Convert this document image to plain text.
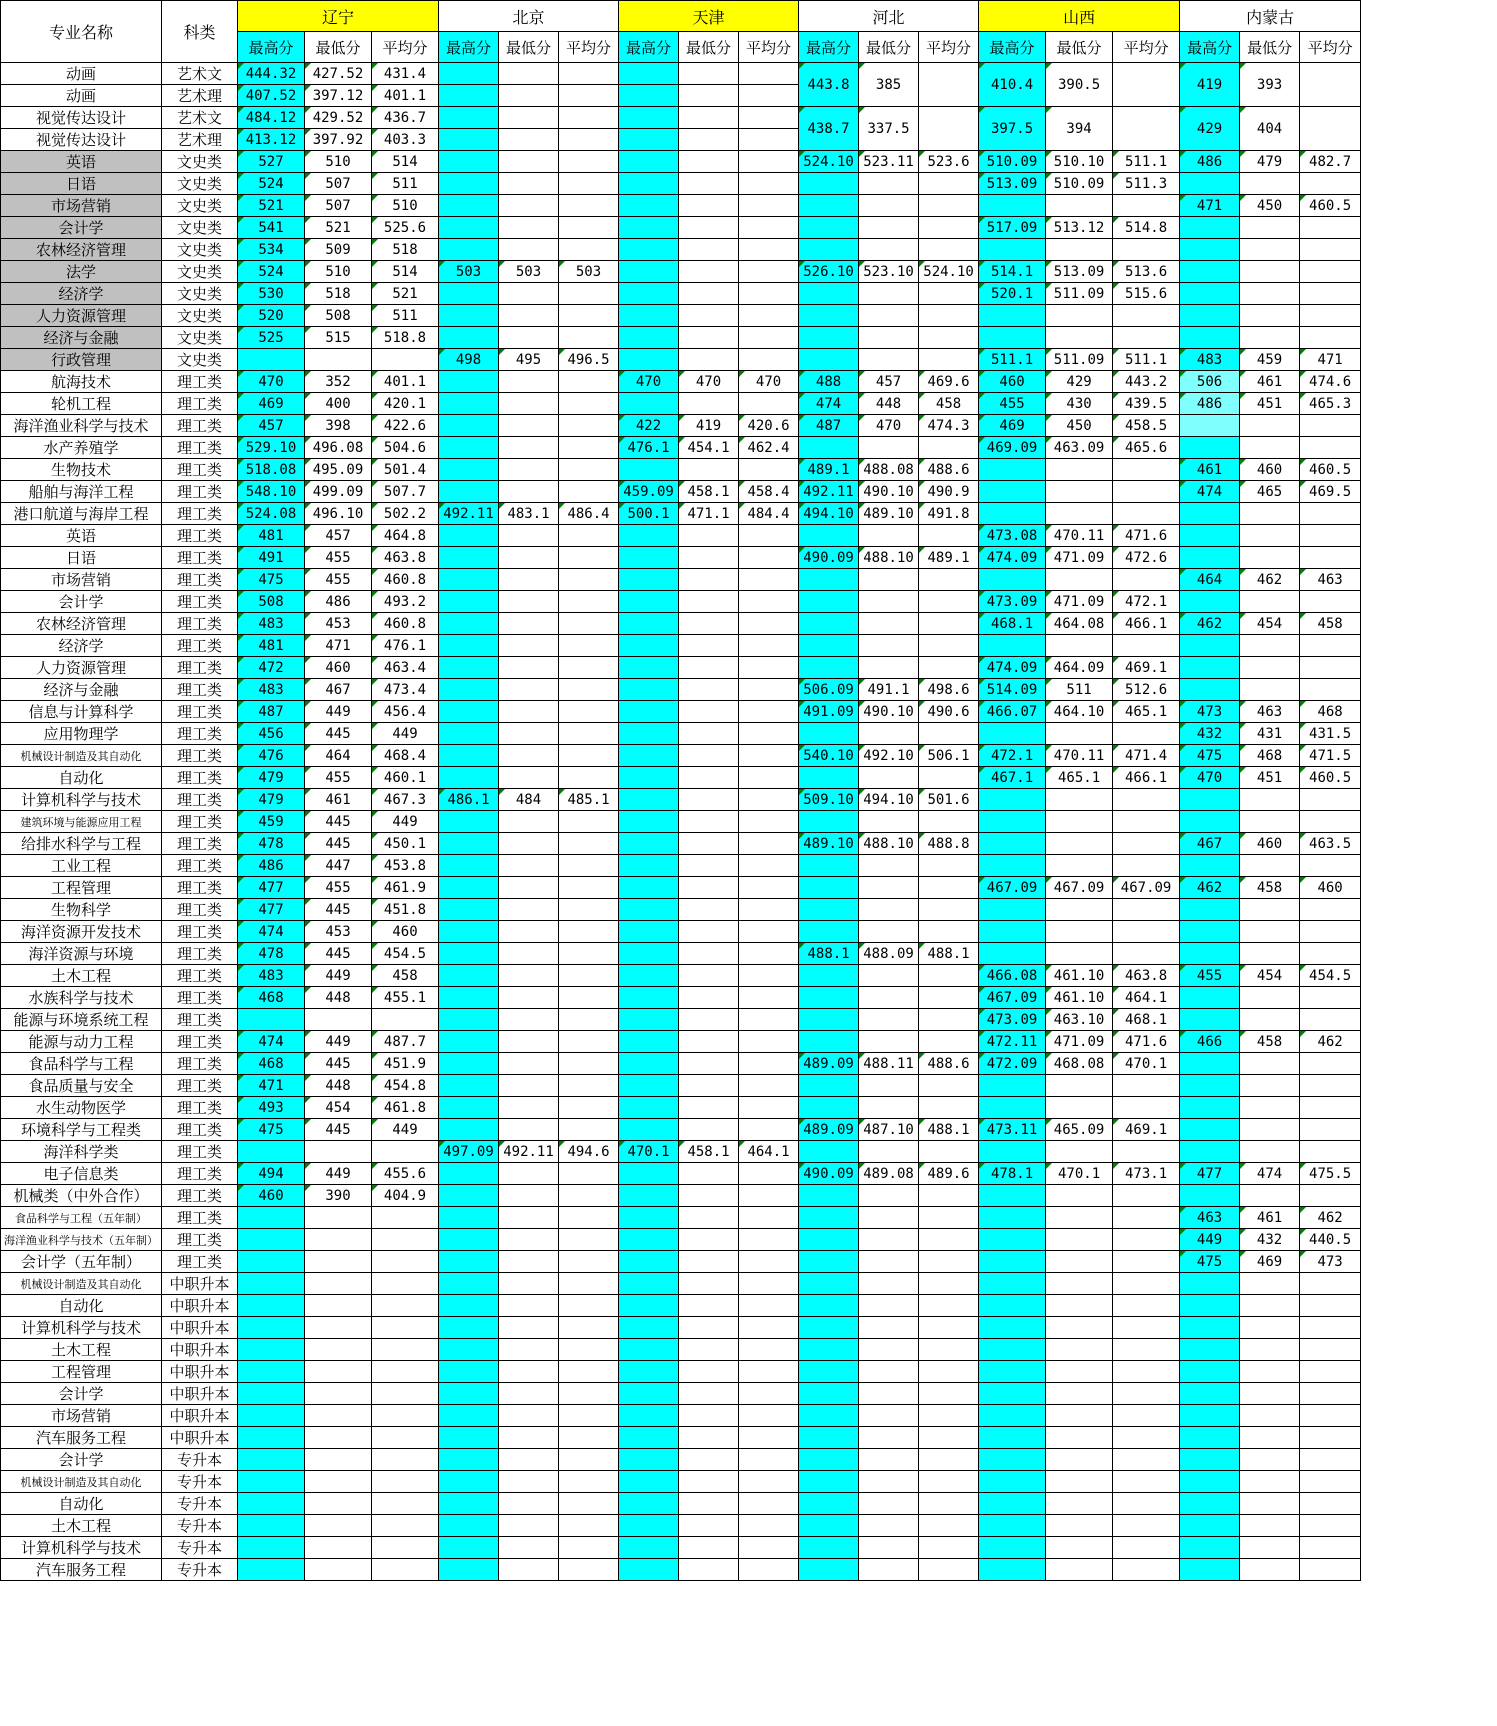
专业名称	科类	辽宁			北京			天津			河北			山西			内蒙古		
		最高分	最低分	平均分	最高分	最低分	平均分	最高分	最低分	平均分	最高分	最低分	平均分	最高分	最低分	平均分	最高分	最低分	平均分
动画	艺术文	444.32	427.52	431.4							443.8	385		410.4	390.5		419	393	
动画	艺术理	407.52	397.12	401.1															
视觉传达设计	艺术文	484.12	429.52	436.7							438.7	337.5		397.5	394		429	404	
视觉传达设计	艺术理	413.12	397.92	403.3															
英语	文史类	527	510	514							524.10	523.11	523.6	510.09	510.10	511.1	486	479	482.7
日语	文史类	524	507	511										513.09	510.09	511.3			
市场营销	文史类	521	507	510													471	450	460.5
会计学	文史类	541	521	525.6										517.09	513.12	514.8			
农林经济管理	文史类	534	509	518															
法学	文史类	524	510	514	503	503	503				526.10	523.10	524.10	514.1	513.09	513.6			
经济学	文史类	530	518	521										520.1	511.09	515.6			
人力资源管理	文史类	520	508	511															
经济与金融	文史类	525	515	518.8															
行政管理	文史类				498	495	496.5							511.1	511.09	511.1	483	459	471
航海技术	理工类	470	352	401.1				470	470	470	488	457	469.6	460	429	443.2	506	461	474.6
轮机工程	理工类	469	400	420.1							474	448	458	455	430	439.5	486	451	465.3
海洋渔业科学与技术	理工类	457	398	422.6				422	419	420.6	487	470	474.3	469	450	458.5			
水产养殖学	理工类	529.10	496.08	504.6				476.1	454.1	462.4				469.09	463.09	465.6			
生物技术	理工类	518.08	495.09	501.4							489.1	488.08	488.6				461	460	460.5
船舶与海洋工程	理工类	548.10	499.09	507.7				459.09	458.1	458.4	492.11	490.10	490.9				474	465	469.5
港口航道与海岸工程	理工类	524.08	496.10	502.2	492.11	483.1	486.4	500.1	471.1	484.4	494.10	489.10	491.8						
英语	理工类	481	457	464.8										473.08	470.11	471.6			
日语	理工类	491	455	463.8							490.09	488.10	489.1	474.09	471.09	472.6			
市场营销	理工类	475	455	460.8													464	462	463
会计学	理工类	508	486	493.2										473.09	471.09	472.1			
农林经济管理	理工类	483	453	460.8										468.1	464.08	466.1	462	454	458
经济学	理工类	481	471	476.1															
人力资源管理	理工类	472	460	463.4										474.09	464.09	469.1			
经济与金融	理工类	483	467	473.4							506.09	491.1	498.6	514.09	511	512.6			
信息与计算科学	理工类	487	449	456.4							491.09	490.10	490.6	466.07	464.10	465.1	473	463	468
应用物理学	理工类	456	445	449													432	431	431.5
机械设计制造及其自动化	理工类	476	464	468.4							540.10	492.10	506.1	472.1	470.11	471.4	475	468	471.5
自动化	理工类	479	455	460.1										467.1	465.1	466.1	470	451	460.5
计算机科学与技术	理工类	479	461	467.3	486.1	484	485.1				509.10	494.10	501.6						
建筑环境与能源应用工程	理工类	459	445	449															
给排水科学与工程	理工类	478	445	450.1							489.10	488.10	488.8				467	460	463.5
工业工程	理工类	486	447	453.8															
工程管理	理工类	477	455	461.9										467.09	467.09	467.09	462	458	460
生物科学	理工类	477	445	451.8															
海洋资源开发技术	理工类	474	453	460															
海洋资源与环境	理工类	478	445	454.5							488.1	488.09	488.1						
土木工程	理工类	483	449	458										466.08	461.10	463.8	455	454	454.5
水族科学与技术	理工类	468	448	455.1										467.09	461.10	464.1			
能源与环境系统工程	理工类													473.09	463.10	468.1			
能源与动力工程	理工类	474	449	487.7										472.11	471.09	471.6	466	458	462
食品科学与工程	理工类	468	445	451.9							489.09	488.11	488.6	472.09	468.08	470.1			
食品质量与安全	理工类	471	448	454.8															
水生动物医学	理工类	493	454	461.8															
环境科学与工程类	理工类	475	445	449							489.09	487.10	488.1	473.11	465.09	469.1			
海洋科学类	理工类				497.09	492.11	494.6	470.1	458.1	464.1									
电子信息类	理工类	494	449	455.6							490.09	489.08	489.6	478.1	470.1	473.1	477	474	475.5
机械类（中外合作）	理工类	460	390	404.9															
食品科学与工程（五年制）	理工类																463	461	462
海洋渔业科学与技术（五年制）	理工类																449	432	440.5
会计学（五年制）	理工类																475	469	473
机械设计制造及其自动化	中职升本																		
自动化	中职升本																		
计算机科学与技术	中职升本																		
土木工程	中职升本																		
工程管理	中职升本																		
会计学	中职升本																		
市场营销	中职升本																		
汽车服务工程	中职升本																		
会计学	专升本																		
机械设计制造及其自动化	专升本																		
自动化	专升本																		
土木工程	专升本																		
计算机科学与技术	专升本																		
汽车服务工程	专升本																		
